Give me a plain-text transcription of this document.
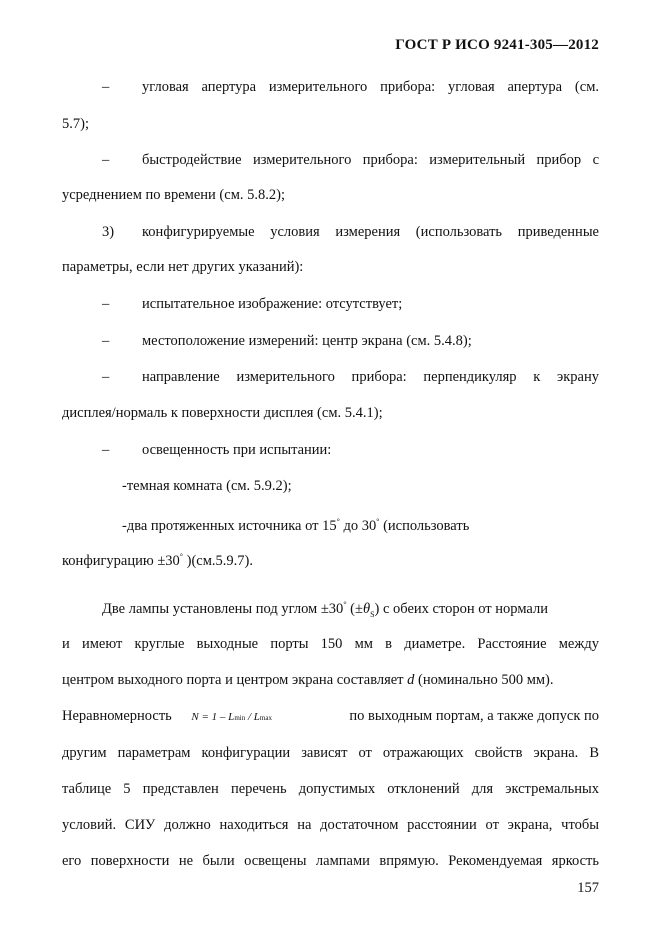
ГОСТ Р ИСО 9241-305—2012
– угловая апертура измерительного прибора: угловая апертура (см.
5.7);
– быстродействие измерительного прибора: измерительный прибор с
усреднением по времени (см. 5.8.2);
3) конфигурируемые условия измерения (использовать приведенные
параметры, если нет других указаний):
– испытательное изображение: отсутствует;
– местоположение измерений: центр экрана (см. 5.4.8);
– направление измерительного прибора: перпендикуляр к экрану
дисплея/нормаль к поверхности дисплея (см. 5.4.1);
– освещенность при испытании:
-темная комната (см. 5.9.2);
-два протяженных источника от 15° до 30° (использовать
конфигурацию ±30° )(см.5.9.7).
Две лампы установлены под углом ±30° $(\pm\theta_S)$ с обеих сторон от нормали
и имеют круглые выходные порты 150 мм в диаметре. Расстояние между
центром выходного порта и центром экрана составляет d (номинально 500 мм).
Неравномерность N = 1 – Lmin / Lmax	по выходным портам, а также допуск по
другим параметрам конфигурации зависят от отражающих свойств экрана. В
таблице 5 представлен перечень допустимых отклонений для экстремальных
условий. СИУ должно находиться на достаточном расстоянии от экрана, чтобы
его поверхности не были освещены лампами впрямую. Рекомендуемая яркость
157
